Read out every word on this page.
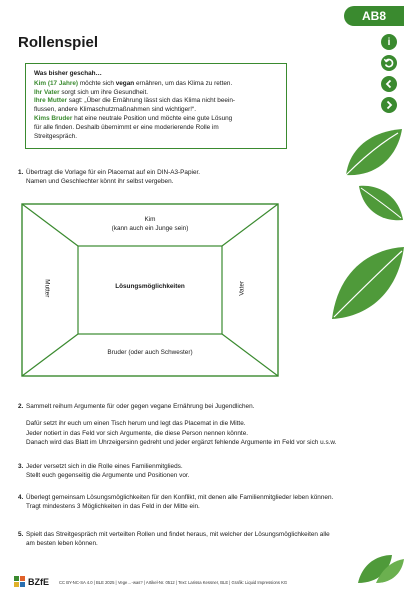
AB8
Rollenspiel	i
Was bisher geschah…
Kim (17 Jahre) möchte sich vegan ernähren, um das Klima zu retten.
Ihr Vater sorgt sich um ihre Gesundheit.
Ihre Mutter sagt: „Über die Ernährung lässt sich das Klima nicht beein-
flussen, andere Klimaschutzmaßnahmen sind wichtiger!“.
Kims Bruder hat eine neutrale Position und möchte eine gute Lösung
für alle finden. Deshalb übernimmt er eine moderierende Rolle im
Streitgespräch.
1. Übertragt die Vorlage für ein Placemat auf ein DIN-A3-Papier.

Namen und Geschlechter könnt ihr selbst vergeben.

Kim
(kann auch ein Junge sein)
Lösungsmöglichkeiten
Mutter	Vater
Bruder (oder auch Schwester)
2. Sammelt reihum Argumente für oder gegen vegane Ernährung bei Jugendlichen.

Dafür setzt ihr euch um einen Tisch herum und legt das Placemat in die Mitte.

Jeder notiert in das Feld vor sich Argumente, die diese Person nennen könnte.

Danach wird das Blatt im Uhrzeigersinn gedreht und jeder ergänzt fehlende Argumente im Feld vor sich u.s.w.

3. Jeder versetzt sich in die Rolle eines Familienmitglieds.

Stellt euch gegenseitig die Argumente und Positionen vor.

4. Überlegt gemeinsam Lösungsmöglichkeiten für den Konflikt, mit denen alle Familienmitglieder leben können.

Tragt mindestens 3 Möglichkeiten in das Feld in der Mitte ein.

5. Spielt das Streitgespräch mit verteilten Rollen und findet heraus, mit welcher der Lösungsmöglichkeiten alle

am besten leben können.

BZfE CC BY-NC-SA 4.0 | BLE 2025 | Vege…-was? | Artikel-Nr. 0512 | Text: Larissa Kessner, BLE | Grafik: Liquid Impressions KG
